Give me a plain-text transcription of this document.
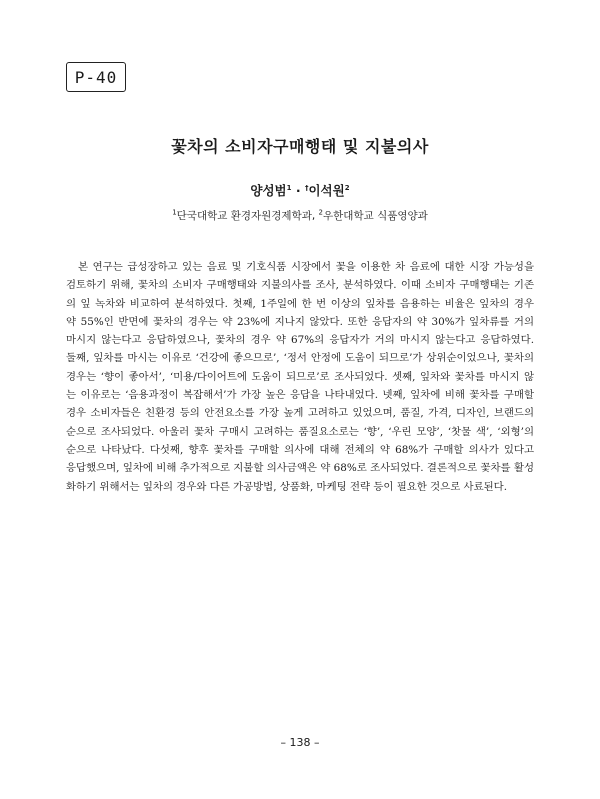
P-40
꽃차의 소비자구매행태 및 지불의사
양성범$^1$ · †이석원$^2$
$^1$단국대학교 환경자원경제학과, $^2$우한대학교 식품영양과
본 연구는 급성장하고 있는 음료 및 기호식품 시장에서 꽃을 이용한 차 음료에 대한 시장 가능성을
검토하기 위해, 꽃차의 소비자 구매행태와 지불의사를 조사, 분석하였다. 이때 소비자 구매행태는 기존
의 잎 녹차와 비교하여 분석하였다. 첫째, 1주일에 한 번 이상의 잎차를 음용하는 비율은 잎차의 경우
약 55%인 반면에 꽃차의 경우는 약 23%에 지나지 않았다. 또한 응답자의 약 30%가 잎차류를 거의
마시지 않는다고 응답하였으나, 꽃차의 경우 약 67%의 응답자가 거의 마시지 않는다고 응답하였다.
둘째, 잎차를 마시는 이유로 ‘건강에 좋으므로’, ‘정서 안정에 도움이 되므로’가 상위순이었으나, 꽃차의
경우는 ‘향이 좋아서’, ‘미용/다이어트에 도움이 되므로’로 조사되었다. 셋째, 잎차와 꽃차를 마시지 않
는 이유로는 ‘음용과정이 복잡해서’가 가장 높은 응답을 나타내었다. 넷째, 잎차에 비해 꽃차를 구매할
경우 소비자들은 친환경 등의 안전요소를 가장 높게 고려하고 있었으며, 품질, 가격, 디자인, 브랜드의
순으로 조사되었다. 아울러 꽃차 구매시 고려하는 품질요소로는 ‘향’, ‘우린 모양’, ‘찻물 색’, ‘외형’의
순으로 나타났다. 다섯째, 향후 꽃차를 구매할 의사에 대해 전체의 약 68%가 구매할 의사가 있다고
응답했으며, 잎차에 비해 추가적으로 지불할 의사금액은 약 68%로 조사되었다. 결론적으로 꽃차를 활성
화하기 위해서는 잎차의 경우와 다른 가공방법, 상품화, 마케팅 전략 등이 필요한 것으로 사료된다.
– 138 –
